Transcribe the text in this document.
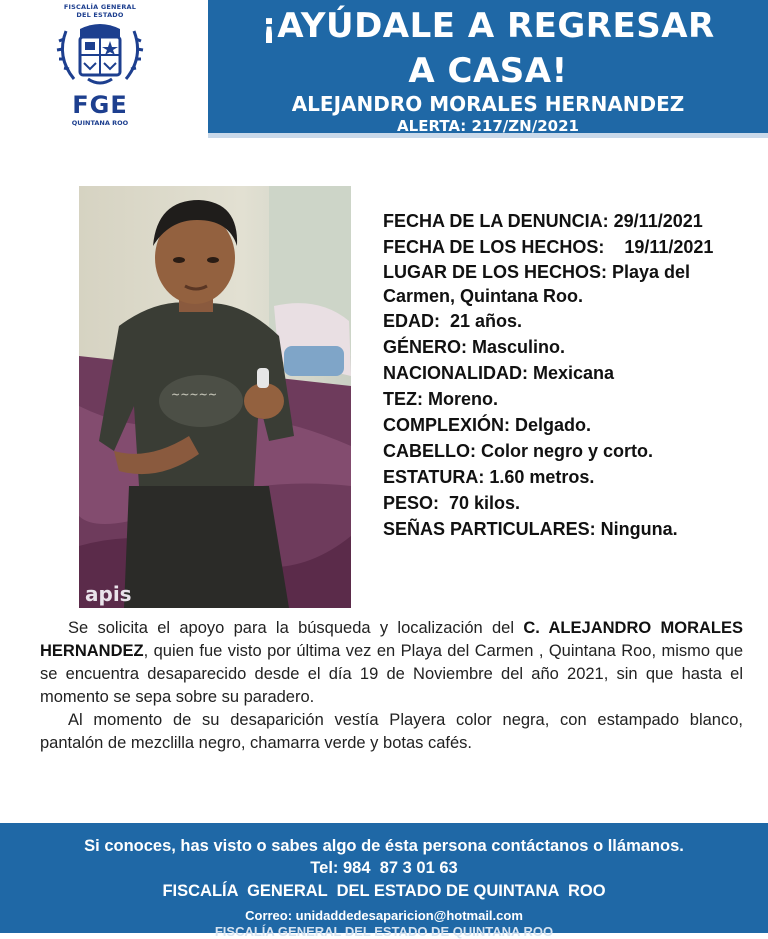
FISCALÍA GENERAL
DEL ESTADO
FGE
QUINTANA ROO
¡AYÚDALE A REGRESAR
A CASA!
ALEJANDRO MORALES HERNANDEZ
ALERTA: 217/ZN/2021
~~~~~
apis
FECHA DE LA DENUNCIA: 29/11/2021
FECHA DE LOS HECHOS:    19/11/2021
LUGAR DE LOS HECHOS: Playa del
Carmen, Quintana Roo.
EDAD:  21 años.
GÉNERO: Masculino.
NACIONALIDAD: Mexicana
TEZ: Moreno.
COMPLEXIÓN: Delgado.
CABELLO: Color negro y corto.
ESTATURA: 1.60 metros.
PESO:  70 kilos.
SEÑAS PARTICULARES: Ninguna.

Se solicita el apoyo para la búsqueda y localización del C. ALEJANDRO MORALES HERNANDEZ, quien fue visto por última vez en Playa del Carmen , Quintana Roo, mismo que se encuentra desaparecido desde el día 19 de Noviembre del año 2021, sin que hasta el momento se sepa sobre su paradero.

Al momento de su desaparición vestía Playera color negra, con estampado blanco, pantalón de mezclilla negro, chamarra verde y botas cafés.

Si conoces, has visto o sabes algo de ésta persona contáctanos o llámanos.
Tel: 984  87 3 01 63
FISCALÍA  GENERAL  DEL ESTADO DE QUINTANA  ROO
Correo: unidaddedesaparicion@hotmail.com
FISCALÍA GENERAL DEL ESTADO DE QUINTANA ROO
